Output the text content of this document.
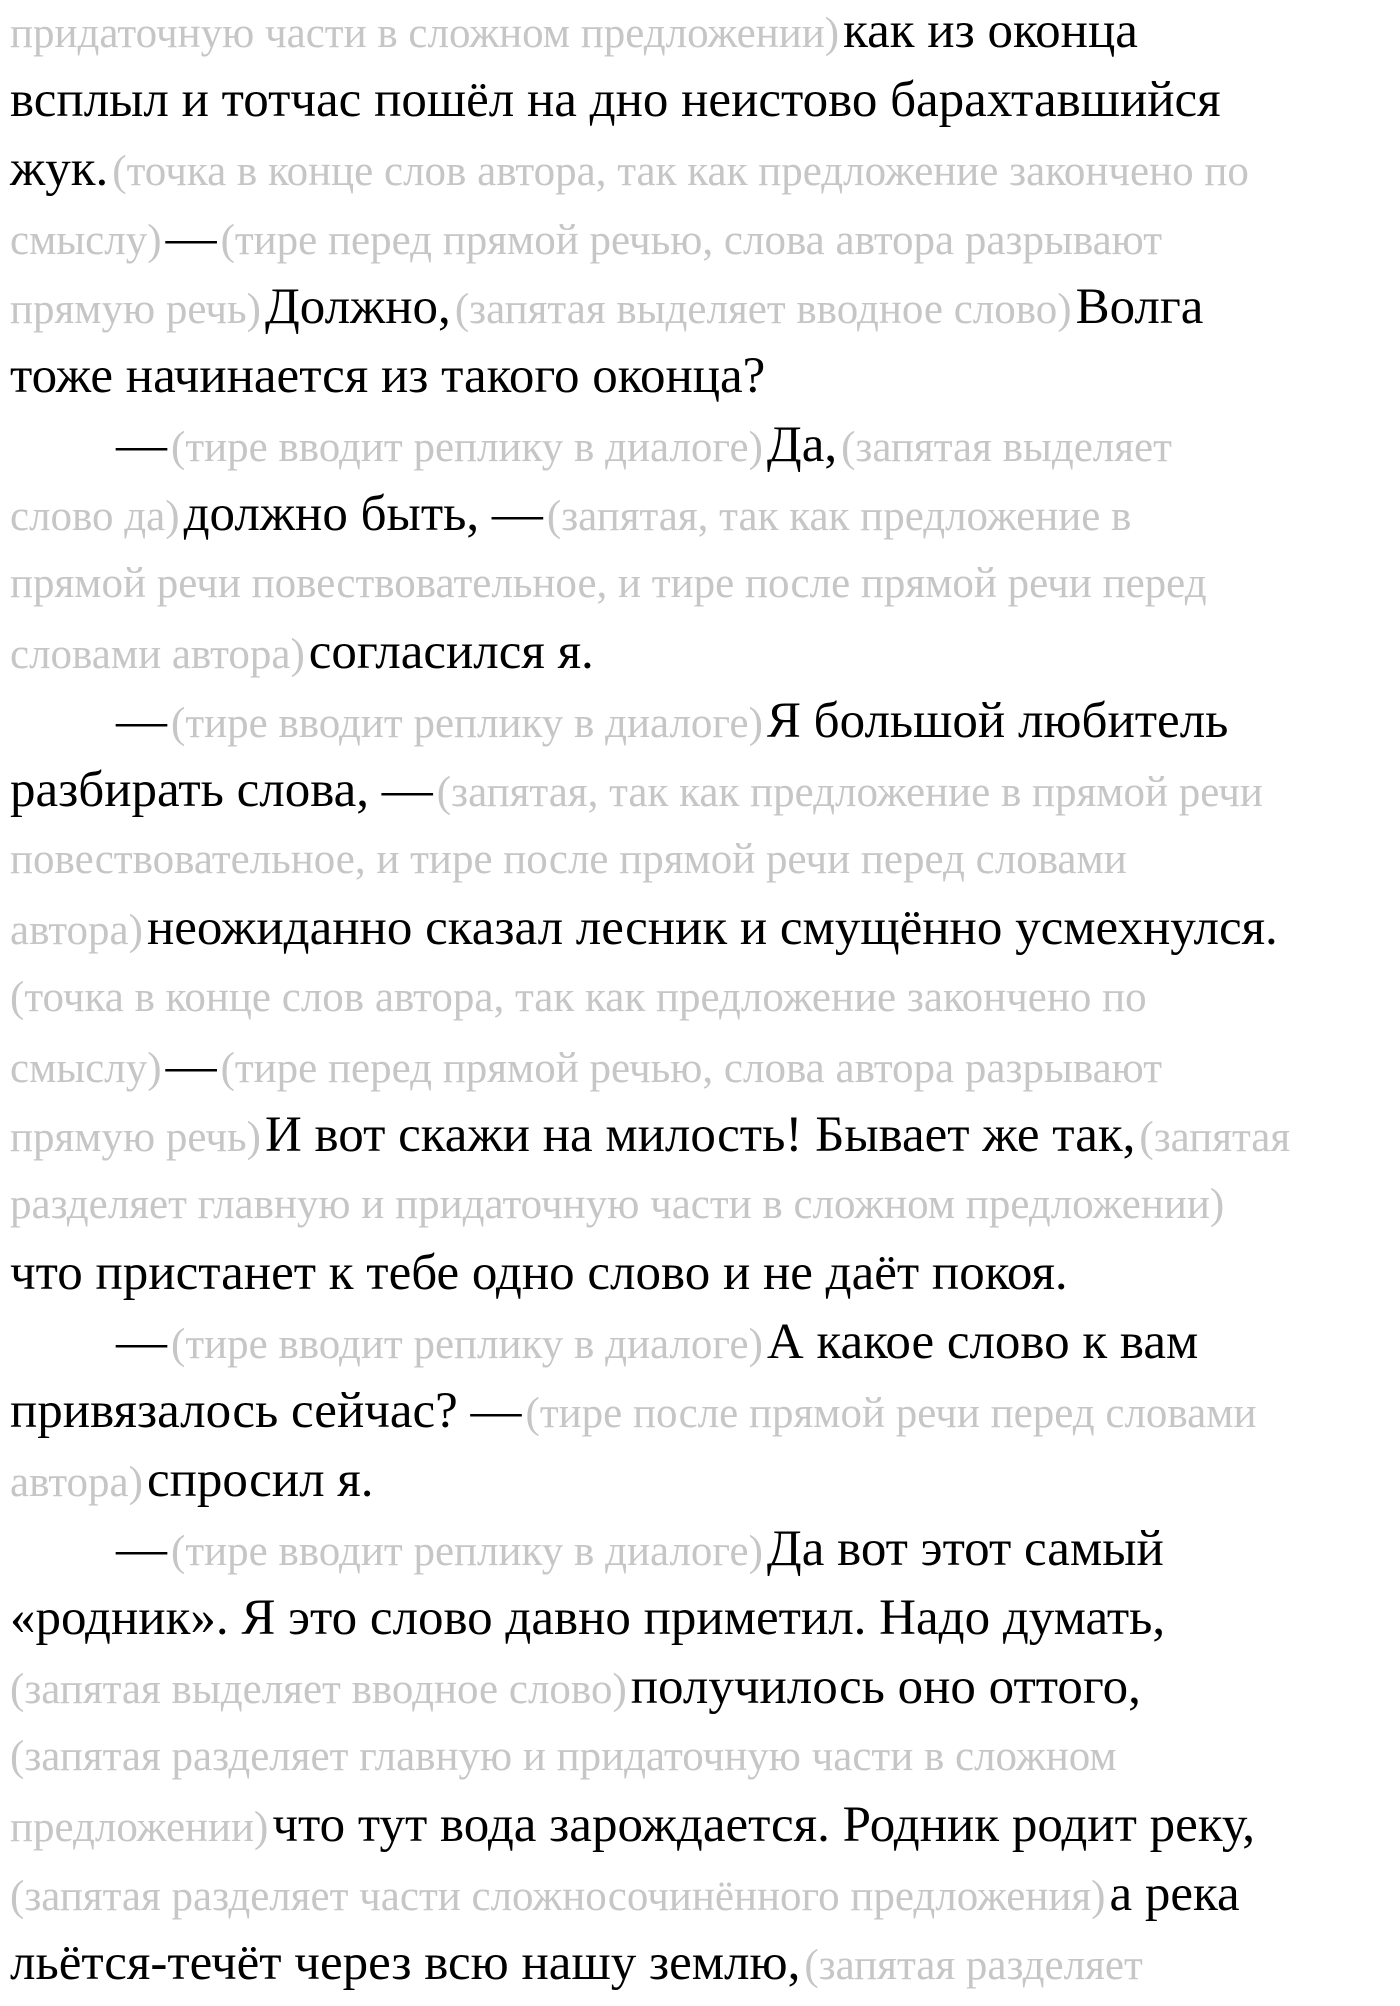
придаточную части в сложном предложении) как из оконца
всплыл и тотчас пошёл на дно неистово барахтавшийся
жук. (точка в конце слов автора, так как предложение закончено по
смыслу) — (тире перед прямой речью, слова автора разрывают
прямую речь) Должно, (запятая выделяет вводное слово) Волга
тоже начинается из такого оконца?
— (тире вводит реплику в диалоге) Да, (запятая выделяет
слово да) должно быть, — (запятая, так как предложение в
прямой речи повествовательное, и тире после прямой речи перед
словами автора) согласился я.
— (тире вводит реплику в диалоге) Я большой любитель
разбирать слова, — (запятая, так как предложение в прямой речи
повествовательное, и тире после прямой речи перед словами
автора) неожиданно сказал лесник и смущённо усмехнулся.
(точка в конце слов автора, так как предложение закончено по
смыслу) — (тире перед прямой речью, слова автора разрывают
прямую речь) И вот скажи на милость! Бывает же так, (запятая
разделяет главную и придаточную части в сложном предложении)
что пристанет к тебе одно слово и не даёт покоя.
— (тире вводит реплику в диалоге) А какое слово к вам
привязалось сейчас? — (тире после прямой речи перед словами
автора) спросил я.
— (тире вводит реплику в диалоге) Да вот этот самый
«родник». Я это слово давно приметил. Надо думать,
(запятая выделяет вводное слово) получилось оно оттого,
(запятая разделяет главную и придаточную части в сложном
предложении) что тут вода зарождается. Родник родит реку,
(запятая разделяет части сложносочинённого предложения) а река
льётся-течёт через всю нашу землю, (запятая разделяет
